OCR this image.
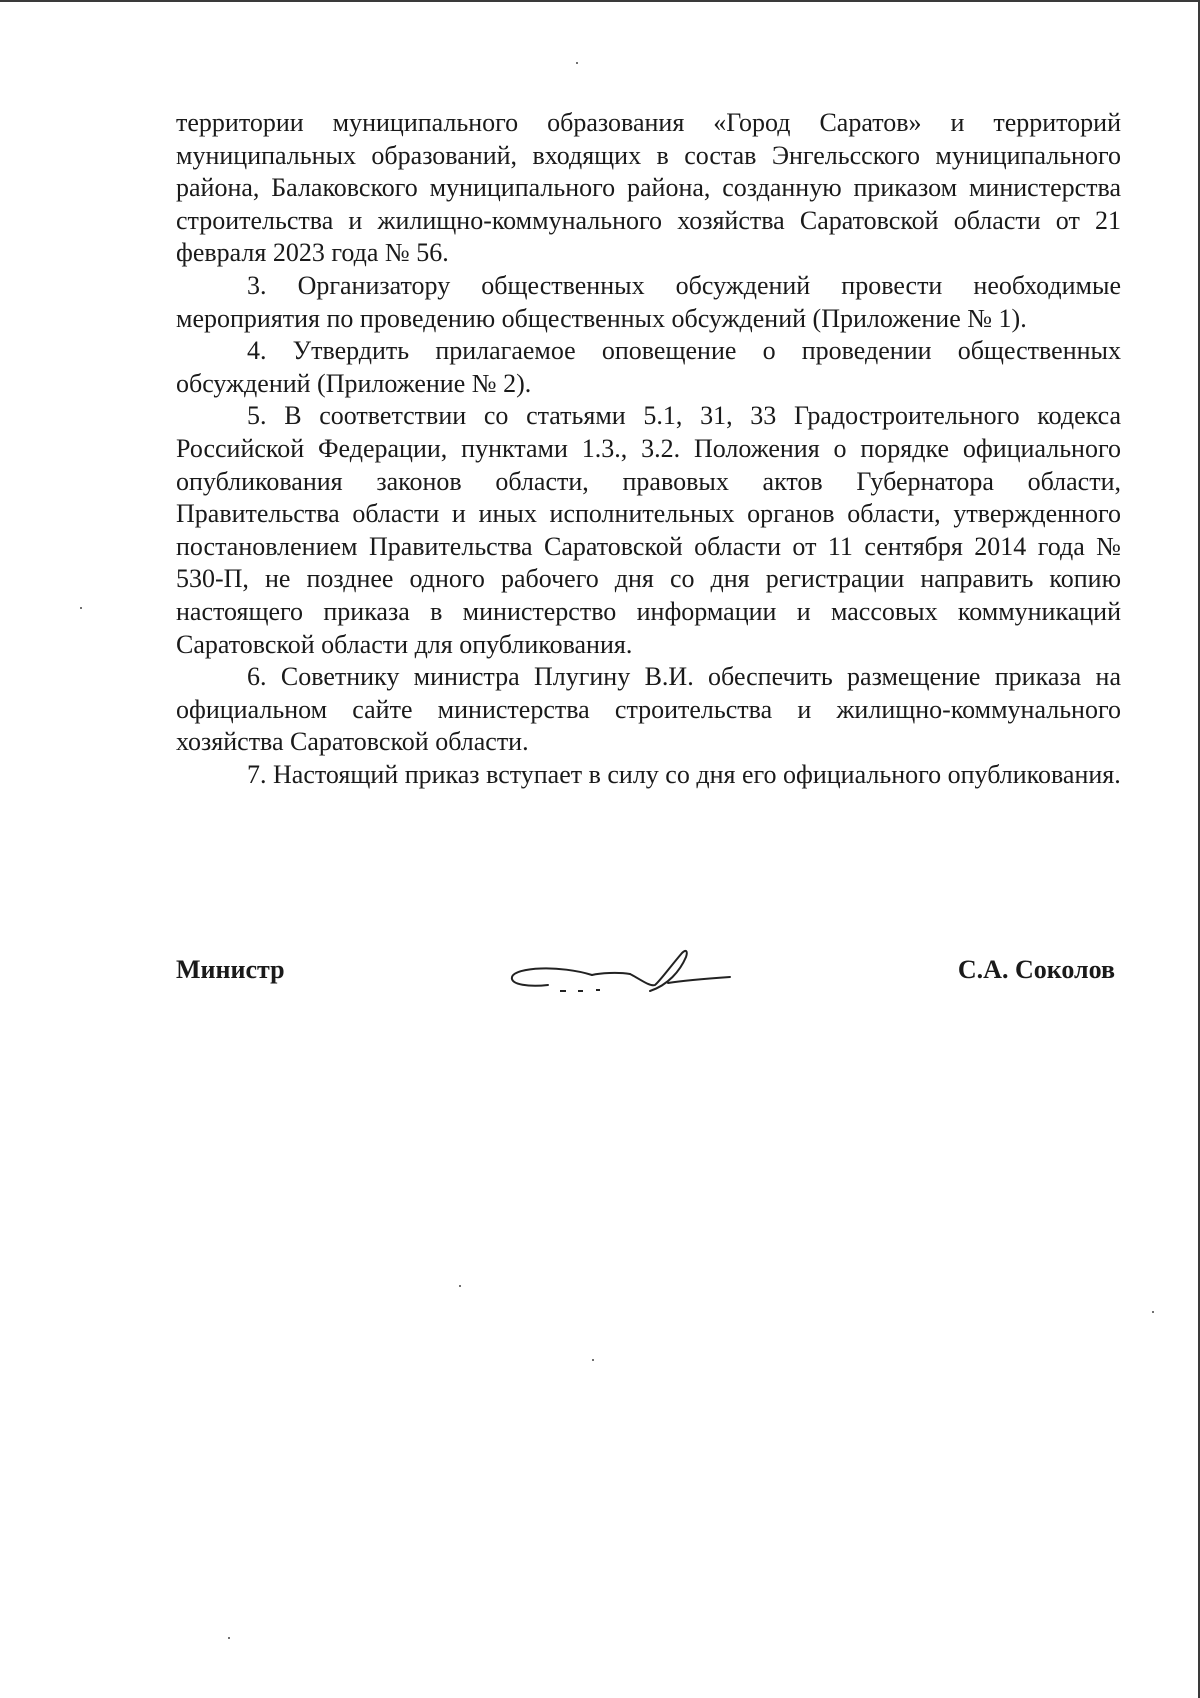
территории муниципального образования «Город Саратов» и территорий муниципальных образований, входящих в состав Энгельсского муниципального района, Балаковского муниципального района, созданную приказом министерства строительства и жилищно-коммунального хозяйства Саратовской области от 21 февраля 2023 года № 56.

3. Организатору общественных обсуждений провести необходимые мероприятия по проведению общественных обсуждений (Приложение № 1).

4. Утвердить прилагаемое оповещение о проведении общественных обсуждений (Приложение № 2).

5. В соответствии со статьями 5.1, 31, 33 Градостроительного кодекса Российской Федерации, пунктами 1.3., 3.2. Положения о порядке официального опубликования законов области, правовых актов Губернатора области, Правительства области и иных исполнительных органов области, утвержденного постановлением Правительства Саратовской области от 11 сентября 2014 года № 530-П, не позднее одного рабочего дня со дня регистрации направить копию настоящего приказа в министерство информации и массовых коммуникаций Саратовской области для опубликования.

6. Советнику министра Плугину В.И. обеспечить размещение приказа на официальном сайте министерства строительства и жилищно-коммунального хозяйства Саратовской области.

7. Настоящий приказ вступает в силу со дня его официального опубликования.

Министр	С.А. Соколов
